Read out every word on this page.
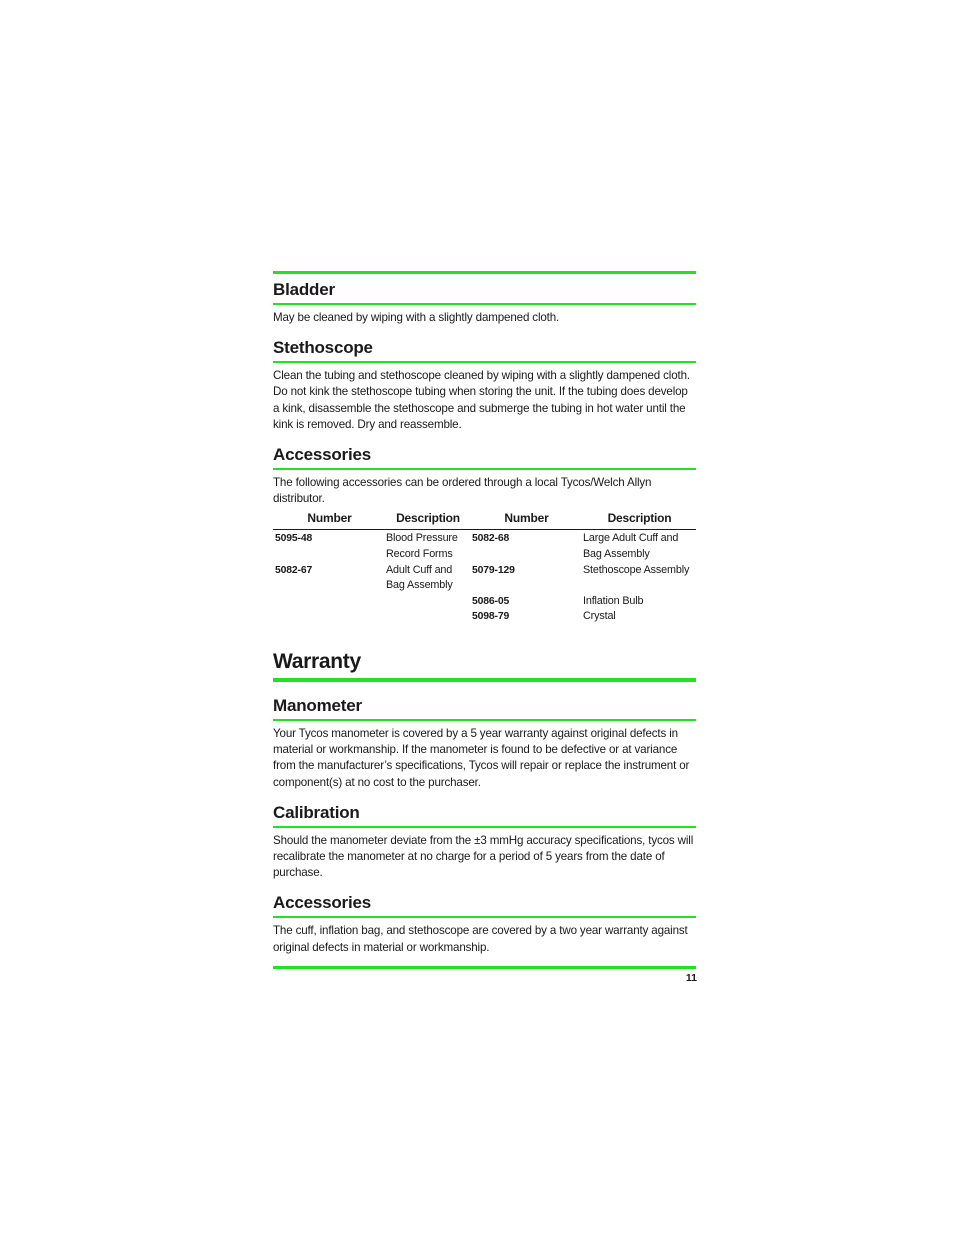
Bladder

May be cleaned by wiping with a slightly dampened cloth.

Stethoscope

Clean the tubing and stethoscope cleaned by wiping with a slightly dampened cloth. Do not kink the stethoscope tubing when storing the unit. If the tubing does develop a kink, disassemble the stethoscope and submerge the tubing in hot water until the kink is removed. Dry and reassemble.

Accessories

The following accessories can be ordered through a local Tycos/Welch Allyn distributor.

Number	Description	Number	Description
5095-48	Blood Pressure Record Forms	5082-68	Large Adult Cuff and Bag Assembly
5082-67	Adult Cuff and Bag Assembly	5079-129	Stethoscope Assembly
		5086-05	Inflation Bulb
		5098-79	Crystal
Warranty
Manometer

Your Tycos manometer is covered by a 5 year warranty against original defects in material or workmanship. If the manometer is found to be defective or at variance from the manufacturer’s specifications, Tycos will repair or replace the instrument or component(s) at no cost to the purchaser.

Calibration

Should the manometer deviate from the ±3 mmHg accuracy specifications, tycos will recalibrate the manometer at no charge for a period of 5 years from the date of purchase.

Accessories

The cuff, inflation bag, and stethoscope are covered by a two year warranty against original defects in material or workmanship.

11
